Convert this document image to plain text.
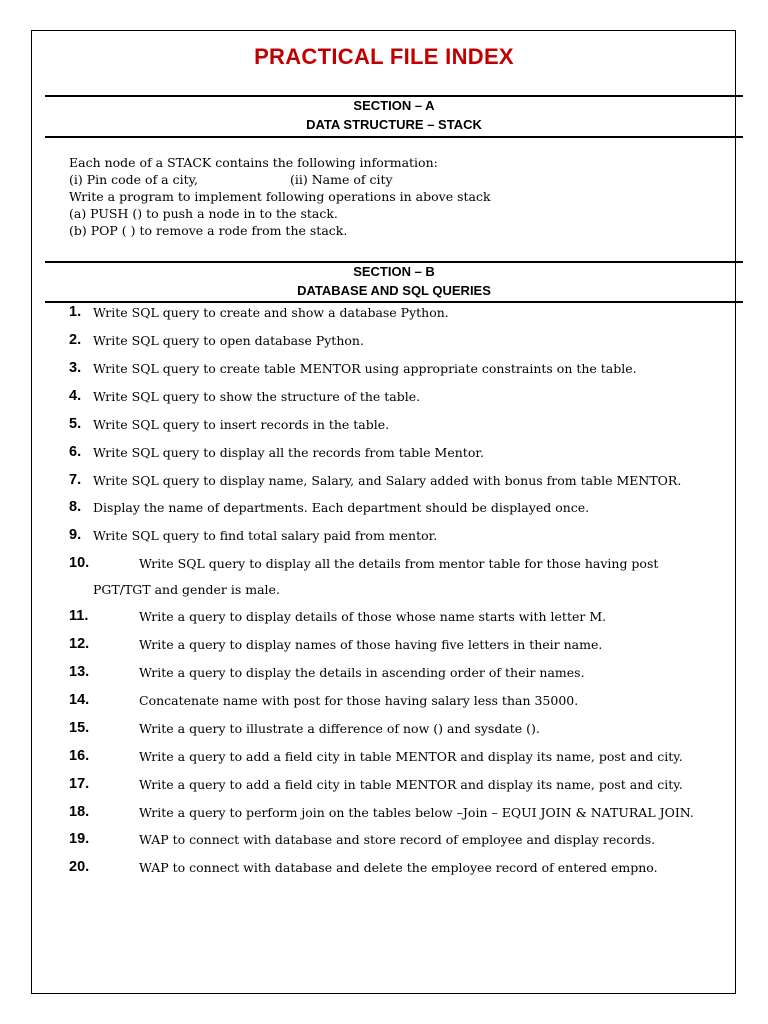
PRACTICAL FILE INDEX
SECTION – A
DATA STRUCTURE – STACK
Each node of a STACK contains the following information:
(i) Pin code of a city,	(ii) Name of city
Write a program to implement following operations in above stack
(a) PUSH () to push a node in to the stack.
(b) POP ( ) to remove a rode from the stack.
SECTION – B
DATABASE AND SQL QUERIES
1. Write SQL query to create and show a database Python.
2. Write SQL query to open database Python.
3. Write SQL query to create table MENTOR using appropriate constraints on the table.
4. Write SQL query to show the structure of the table.
5. Write SQL query to insert records in the table.
6. Write SQL query to display all the records from table Mentor.
7. Write SQL query to display name, Salary, and Salary added with bonus from table MENTOR.
8. Display the name of departments. Each department should be displayed once.
9. Write SQL query to find total salary paid from mentor.
10.	Write SQL query to display all the details from mentor table for those having post
PGT/TGT and gender is male.
11.	Write a query to display details of those whose name starts with letter M.
12.	Write a query to display names of those having five letters in their name.
13.	Write a query to display the details in ascending order of their names.
14.	Concatenate name with post for those having salary less than 35000.
15.	Write a query to illustrate a difference of now () and sysdate ().
16.	Write a query to add a field city in table MENTOR and display its name, post and city.
17.	Write a query to add a field city in table MENTOR and display its name, post and city.
18.	Write a query to perform join on the tables below –Join – EQUI JOIN & NATURAL JOIN.
19.	WAP to connect with database and store record of employee and display records.
20.	WAP to connect with database and delete the employee record of entered empno.
